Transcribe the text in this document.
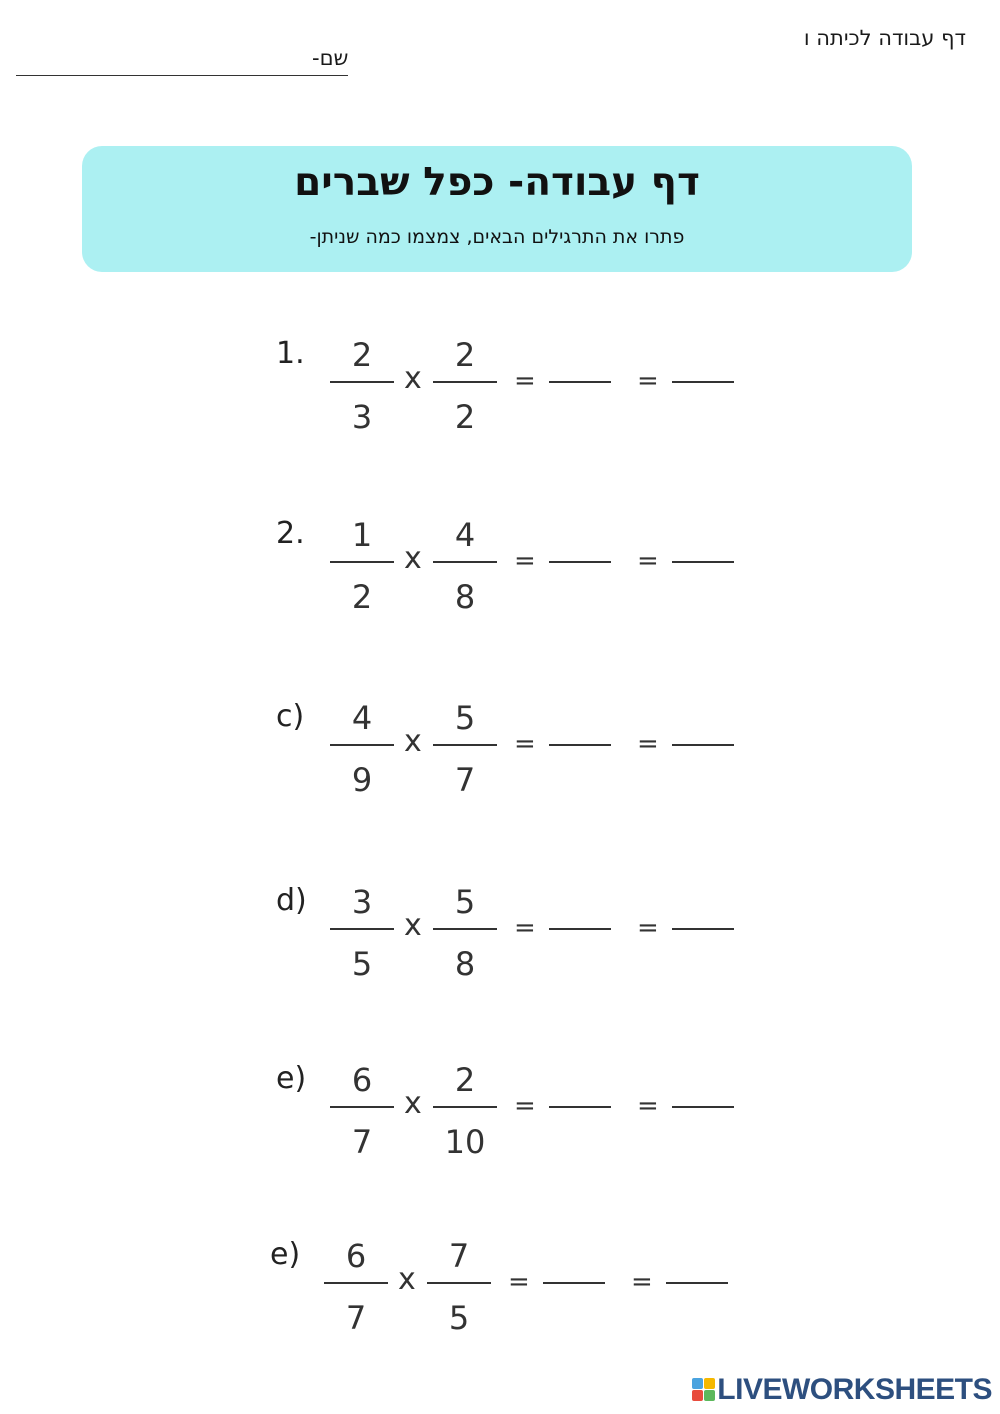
דף עבודה לכיתה ו
שם-
דף עבודה- כפל שברים
פתרו את התרגילים הבאים, צמצמו כמה שניתן-
1.	2
3
x
2
2
=	=
2.	1
2
x
4
8
=	=
c)	4
9
x
5
7
=	=
d)	3
5
x
5
8
=	=
e)	6
7
x
2
10
=	=
e)	6
7
x
7
5
=	=
LIVEWORKSHEETS
